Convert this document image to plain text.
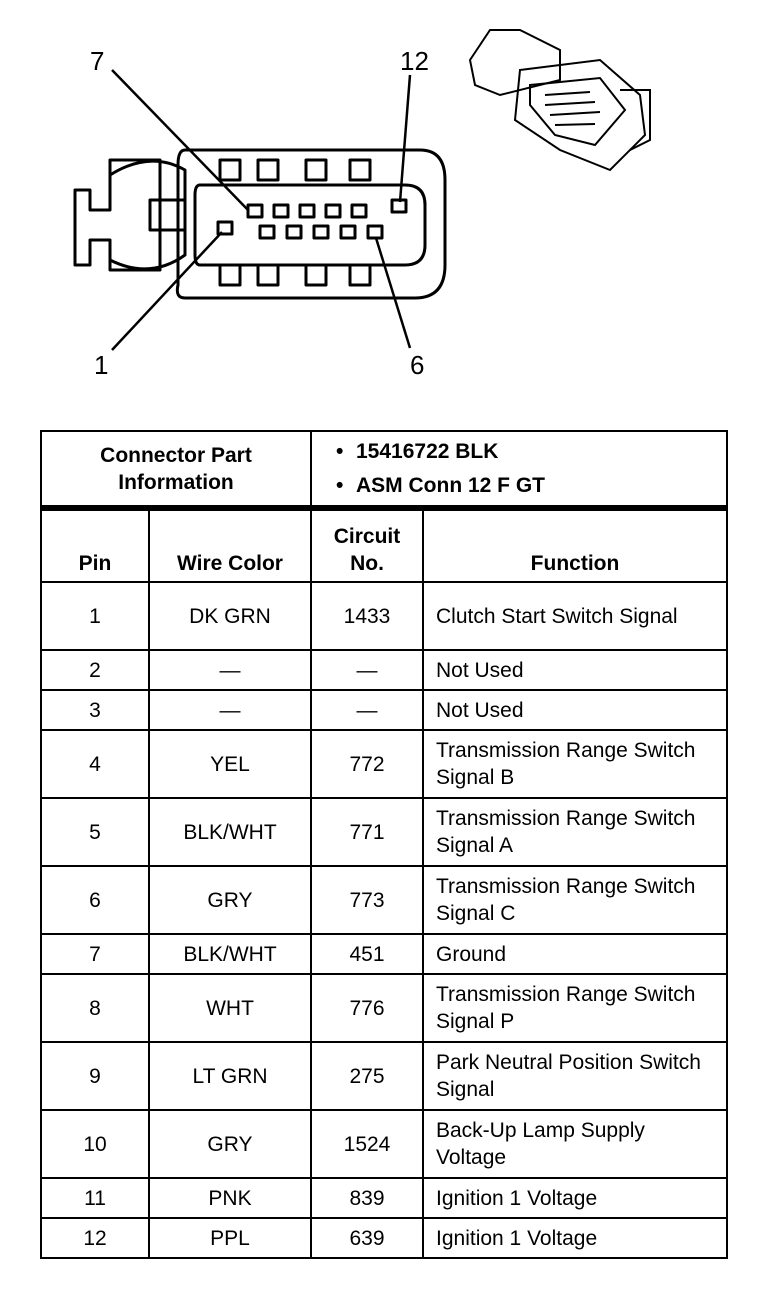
7	12
1	6
Connector Part Information	
• 15416722 BLK
• ASM Conn 12 F GT
Pin	Wire Color	Circuit No.	Function
1	DK GRN	1433	Clutch Start Switch Signal
2	—	—	Not Used
3	—	—	Not Used
4	YEL	772	Transmission Range Switch Signal B
5	BLK/WHT	771	Transmission Range Switch Signal A
6	GRY	773	Transmission Range Switch Signal C
7	BLK/WHT	451	Ground
8	WHT	776	Transmission Range Switch Signal P
9	LT GRN	275	Park Neutral Position Switch Signal
10	GRY	1524	Back-Up Lamp Supply Voltage
11	PNK	839	Ignition 1 Voltage
12	PPL	639	Ignition 1 Voltage
